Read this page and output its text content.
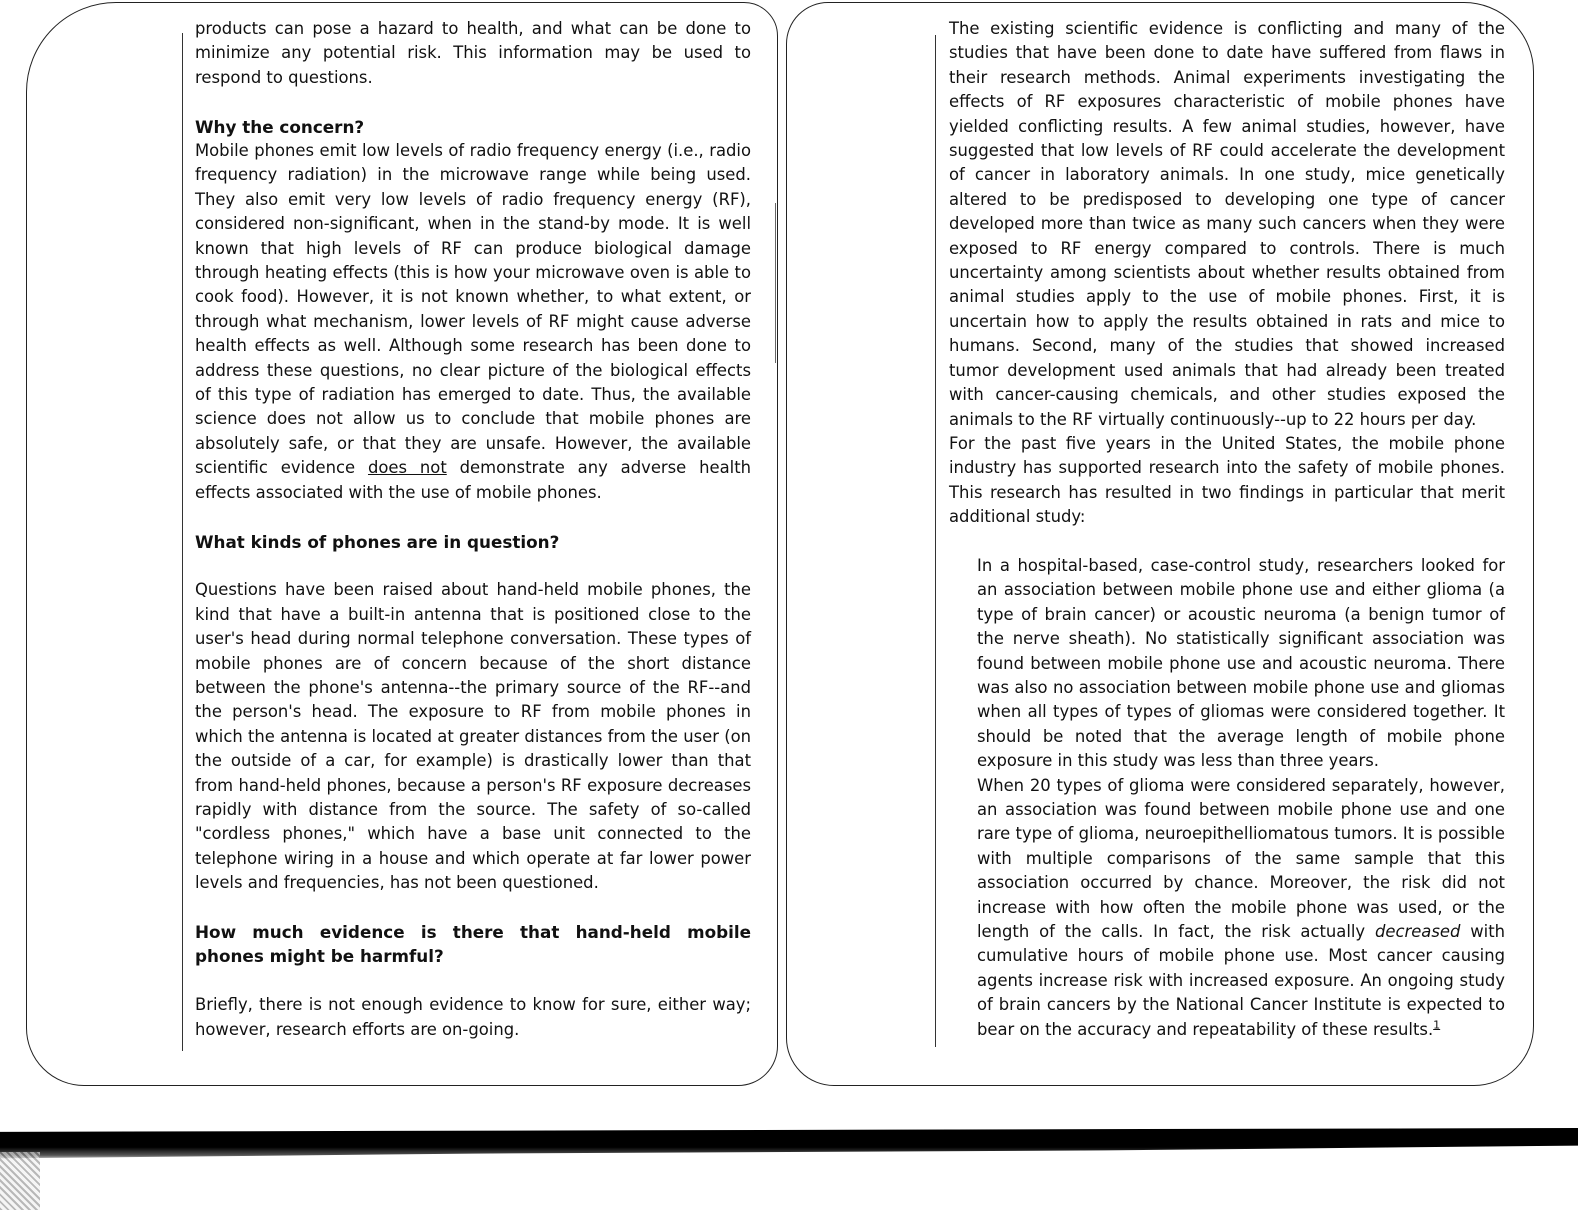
products can pose a hazard to health, and what can be done to minimize any potential risk. This information may be used to respond to questions.

Why the concern?

Mobile phones emit low levels of radio frequency energy (i.e., radio frequency radiation) in the microwave range while being used. They also emit very low levels of radio frequency energy (RF), considered non-significant, when in the stand-by mode. It is well known that high levels of RF can produce biological damage through heating effects (this is how your microwave oven is able to cook food). However, it is not known whether, to what extent, or through what mechanism, lower levels of RF might cause adverse health effects as well. Although some research has been done to address these questions, no clear picture of the biological effects of this type of radiation has emerged to date. Thus, the available science does not allow us to conclude that mobile phones are absolutely safe, or that they are unsafe. However, the available scientific evidence does not demonstrate any adverse health effects associated with the use of mobile phones.

What kinds of phones are in question?

Questions have been raised about hand-held mobile phones, the kind that have a built-in antenna that is positioned close to the user's head during normal telephone conversation. These types of mobile phones are of concern because of the short distance between the phone's antenna--the primary source of the RF--and the person's head. The exposure to RF from mobile phones in which the antenna is located at greater distances from the user (on the outside of a car, for example) is drastically lower than that from hand-held phones, because a person's RF exposure decreases rapidly with distance from the source. The safety of so-called "cordless phones," which have a base unit connected to the telephone wiring in a house and which operate at far lower power levels and frequencies, has not been questioned.

How much evidence is there that hand-held mobile phones might be harmful?

Briefly, there is not enough evidence to know for sure, either way; however, research efforts are on-going.

The existing scientific evidence is conflicting and many of the studies that have been done to date have suffered from flaws in their research methods. Animal experiments investigating the effects of RF exposures characteristic of mobile phones have yielded conflicting results. A few animal studies, however, have suggested that low levels of RF could accelerate the development of cancer in laboratory animals. In one study, mice genetically altered to be predisposed to developing one type of cancer developed more than twice as many such cancers when they were exposed to RF energy compared to controls. There is much uncertainty among scientists about whether results obtained from animal studies apply to the use of mobile phones. First, it is uncertain how to apply the results obtained in rats and mice to humans. Second, many of the studies that showed increased tumor development used animals that had already been treated with cancer-causing chemicals, and other studies exposed the animals to the RF virtually continuously--up to 22 hours per day.

For the past five years in the United States, the mobile phone industry has supported research into the safety of mobile phones. This research has resulted in two findings in particular that merit additional study:

In a hospital-based, case-control study, researchers looked for an association between mobile phone use and either glioma (a type of brain cancer) or acoustic neuroma (a benign tumor of the nerve sheath). No statistically significant association was found between mobile phone use and acoustic neuroma. There was also no association between mobile phone use and gliomas when all types of types of gliomas were considered together. It should be noted that the average length of mobile phone exposure in this study was less than three years.

When 20 types of glioma were considered separately, however, an association was found between mobile phone use and one rare type of glioma, neuroepithelliomatous tumors. It is possible with multiple comparisons of the same sample that this association occurred by chance. Moreover, the risk did not increase with how often the mobile phone was used, or the length of the calls. In fact, the risk actually decreased with cumulative hours of mobile phone use. Most cancer causing agents increase risk with increased exposure. An ongoing study of brain cancers by the National Cancer Institute is expected to bear on the accuracy and repeatability of these results.$^1$
